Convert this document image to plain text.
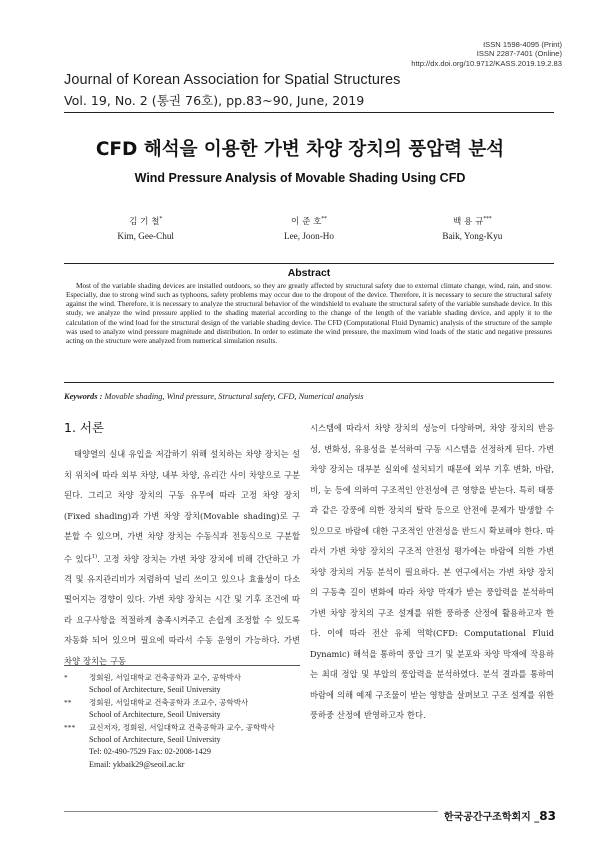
ISSN 1598-4095 (Print)
ISSN 2287-7401 (Online)
http://dx.doi.org/10.9712/KASS.2019.19.2.83
Journal of Korean Association for Spatial Structures
Vol. 19, No. 2 (통권 76호), pp.83~90, June, 2019
CFD 해석을 이용한 가변 차양 장치의 풍압력 분석
Wind Pressure Analysis of Movable Shading Using CFD
김 기 철*
Kim, Gee-Chul
이 준 호**
Lee, Joon-Ho
백 용 규***
Baik, Yong-Kyu
Abstract

Most of the variable shading devices are installed outdoors, so they are greatly affected by structural safety due to external climate change, wind, rain, and snow. Especially, due to strong wind such as typhoons, safety problems may occur due to the dropout of the device. Therefore, it is necessary to secure the structural safety against the wind. Therefore, it is necessary to analyze the structural behavior of the windshield to evaluate the structural safety of the variable sunshade device. In this study, we analyze the wind pressure applied to the shading material according to the change of the length of the variable shading device, and apply it to the calculation of the wind load for the structural design of the variable shading device. The CFD (Computational Fluid Dynamic) analysis of the structure of the sample was used to analyze wind pressure magnitude and distribution. In order to estimate the wind pressure, the maximum wind loads of the static and negative pressures acting on the structure were analyzed from numerical simulation results.

Keywords : Movable shading, Wind pressure, Structural safety, CFD, Numerical analysis
1. 서론

태양열의 실내 유입을 저감하기 위해 설치하는 차양 장치는 설치 위치에 따라 외부 차양, 내부 차양, 유리간 사이 차양으로 구분된다. 그리고 차양 장치의 구동 유무에 따라 고정 차양 장치(Fixed shading)과 가변 차양 장치(Movable shading)로 구분할 수 있으며, 가변 차양 장치는 수동식과 전동식으로 구분할 수 있다$^{1)}$. 고정 차양 장치는 가변 차양 장치에 비해 간단하고 가격 및 유지관리비가 저렴하여 널리 쓰이고 있으나 효율성이 다소 떨어지는 경향이 있다. 가변 차양 장치는 시간 및 기후 조건에 따라 요구사항을 적절하게 충족시켜주고 손쉽게 조정할 수 있도록 자동화 되어 있으며 필요에 따라서 수동 운영이 가능하다. 가변 차양 장치는 구동

시스템에 따라서 차양 장치의 성능이 다양하며, 차양 장치의 반응성, 변화성, 유용성을 분석하여 구동 시스템을 선정하게 된다. 가변 차양 장치는 대부분 실외에 설치되기 때문에 외부 기후 변화, 바람, 비, 눈 등에 의하여 구조적인 안전성에 큰 영향을 받는다. 특히 태풍과 같은 강풍에 의한 장치의 탈락 등으로 안전에 문제가 발생할 수 있으므로 바람에 대한 구조적인 안전성을 반드시 확보해야 한다. 따라서 가변 차양 장치의 구조적 안전성 평가에는 바람에 의한 가변 차양 장치의 거동 분석이 필요하다. 본 연구에서는 가변 차양 장치의 구동축 길이 변화에 따라 차양 막재가 받는 풍압력을 분석하여 가변 차양 장치의 구조 설계를 위한 풍하중 산정에 활용하고자 한다. 이에 따라 전산 유체 역학(CFD: Computational Fluid Dynamic) 해석을 통하여 풍압 크기 및 분포와 차양 막재에 작용하는 최대 정압 및 부압의 풍압력을 분석하였다. 분석 결과를 통하여 바람에 의해 예제 구조물이 받는 영향을 살펴보고 구조 설계를 위한 풍하중 산정에 반영하고자 한다.

*	정회원, 서일대학교 건축공학과 교수, 공학박사
School of Architecture, Seoil University
**	정회원, 서일대학교 건축공학과 조교수, 공학박사
School of Architecture, Seoil University
***	교신저자, 정회원, 서일대학교 건축공학과 교수, 공학박사
School of Architecture, Seoil University
Tel: 02-490-7529 Fax: 02-2008-1429
Email: ykbaik29@seoil.ac.kr
한국공간구조학회지 _83
